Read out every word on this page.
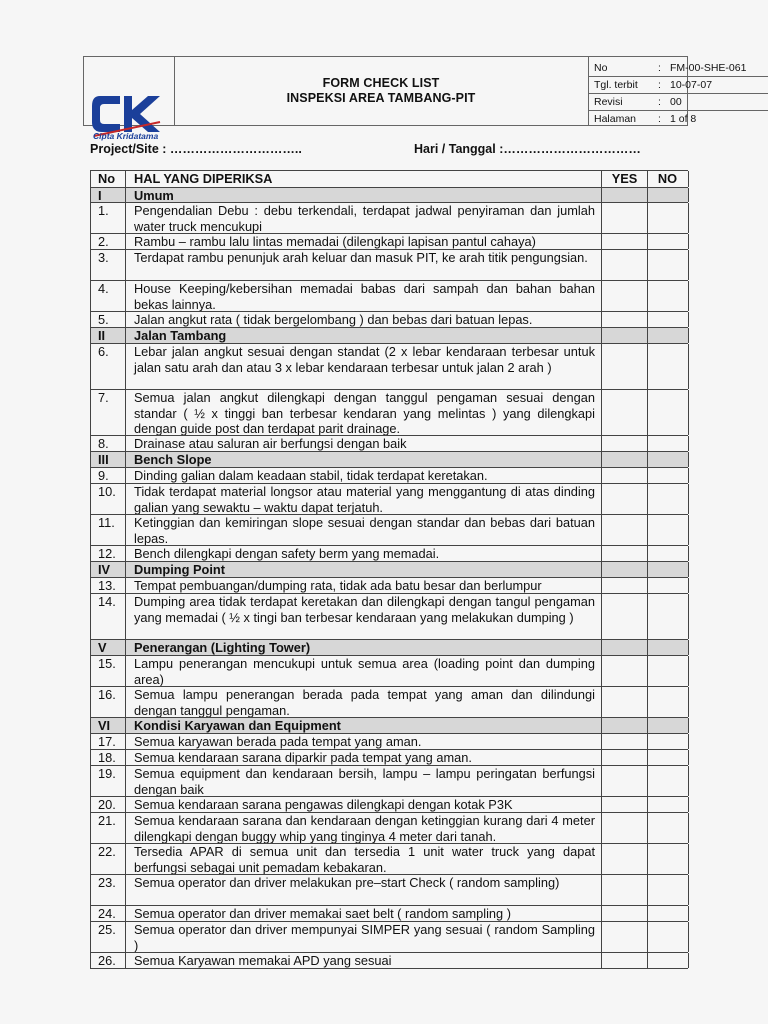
FORM CHECK LIST
INSPEKSI AREA TAMBANG-PIT
No	: FM-00-SHE-061
Tgl. terbit : 10-07-07
Revisi	: 00
Halaman : 1 of 8
Cipta Kridatama
Project/Site : …………………………..	Hari / Tanggal :……………………………
No	HAL YANG DIPERIKSA	YES	NO
I	Umum
1.	Pengendalian Debu : debu terkendali, terdapat jadwal penyiraman dan jumlah water truck mencukupi
2.	Rambu – rambu lalu lintas memadai (dilengkapi lapisan pantul cahaya)
3.	Terdapat rambu penunjuk arah keluar dan masuk PIT, ke arah titik pengungsian.
4.	House Keeping/kebersihan memadai babas dari sampah dan bahan bahan bekas lainnya.
5.	Jalan angkut rata ( tidak bergelombang ) dan bebas dari batuan lepas.
II	Jalan Tambang
6.	Lebar jalan angkut sesuai dengan standat (2 x lebar kendaraan terbesar untuk jalan satu arah dan atau 3 x lebar kendaraan terbesar untuk jalan 2 arah )
7.	Semua jalan angkut dilengkapi dengan tanggul pengaman sesuai dengan standar ( ½ x tinggi ban terbesar kendaran yang melintas ) yang dilengkapi dengan guide post dan terdapat parit drainage.
8.	Drainase atau saluran air berfungsi dengan baik
III	Bench Slope
9.	Dinding galian dalam keadaan stabil, tidak terdapat keretakan.
10.	Tidak terdapat material longsor atau material yang menggantung di atas dinding galian yang sewaktu – waktu dapat terjatuh.
11.	Ketinggian dan kemiringan slope sesuai dengan standar dan bebas dari batuan lepas.
12.	Bench dilengkapi dengan safety berm yang memadai.
IV	Dumping Point
13.	Tempat pembuangan/dumping rata, tidak ada batu besar dan berlumpur
14.	Dumping area tidak terdapat keretakan dan dilengkapi dengan tangul pengaman yang memadai ( ½ x tingi ban terbesar kendaraan yang melakukan dumping )
V	Penerangan (Lighting Tower)
15.	Lampu penerangan mencukupi untuk semua area (loading point dan dumping area)
16.	Semua lampu penerangan berada pada tempat yang aman dan dilindungi dengan tanggul pengaman.
VI	Kondisi Karyawan dan Equipment
17.	Semua karyawan berada pada tempat yang aman.
18.	Semua kendaraan sarana diparkir pada tempat yang aman.
19.	Semua equipment dan kendaraan bersih, lampu – lampu peringatan berfungsi dengan baik
20.	Semua kendaraan sarana pengawas dilengkapi dengan kotak P3K
21.	Semua kendaraan sarana dan kendaraan dengan ketinggian kurang dari 4 meter dilengkapi dengan buggy whip yang tinginya 4 meter dari tanah.
22.	Tersedia APAR di semua unit dan tersedia 1 unit water truck yang dapat berfungsi sebagai unit pemadam kebakaran.
23.	Semua operator dan driver melakukan pre–start Check ( random sampling)
24.	Semua operator dan driver memakai saet belt ( random sampling )
25.	Semua operator dan driver mempunyai SIMPER yang sesuai ( random Sampling )
26.	Semua Karyawan memakai APD yang sesuai
